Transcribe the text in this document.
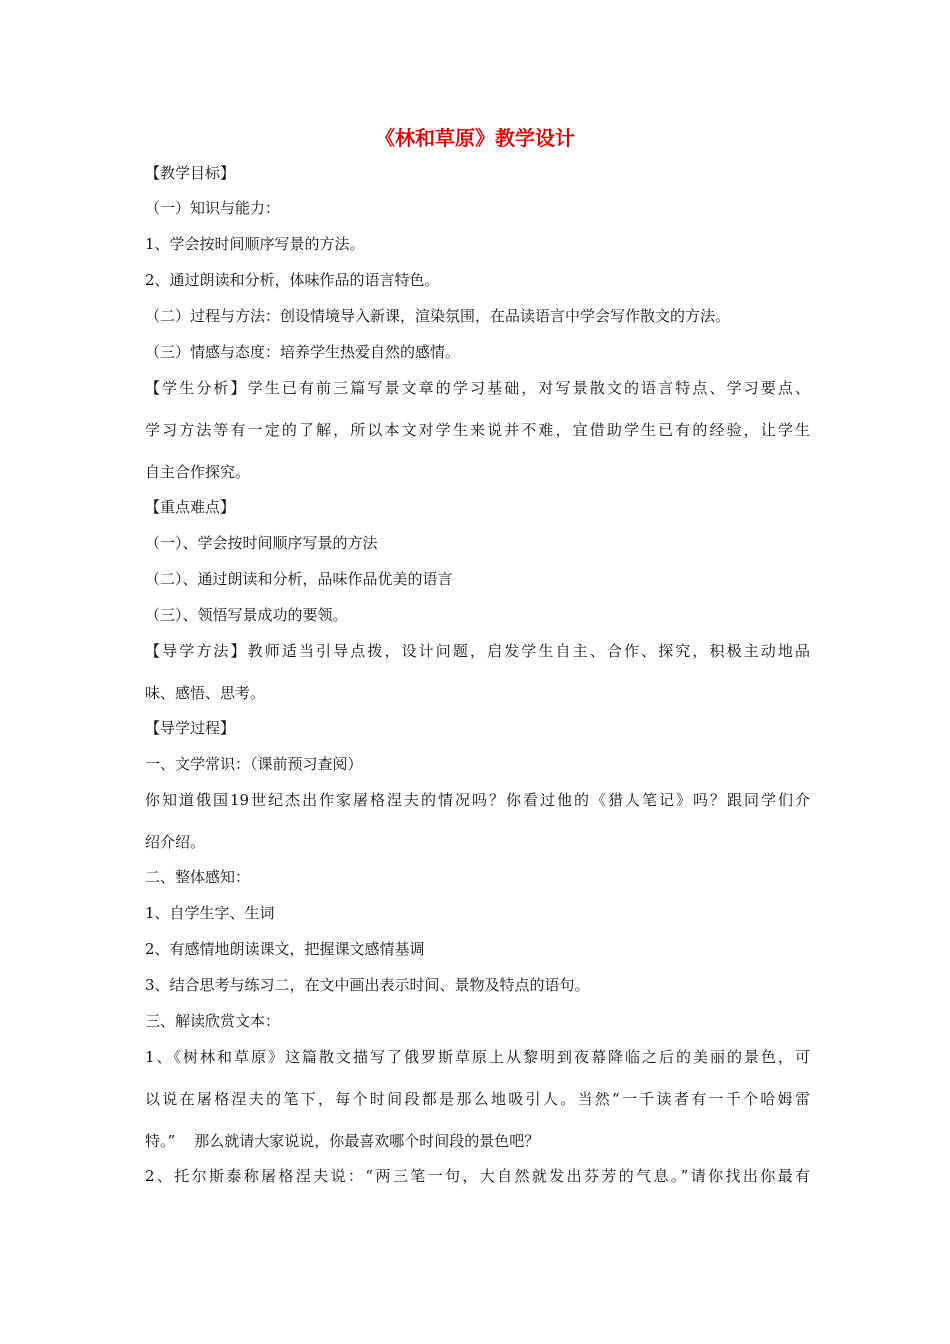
《林和草原》教学设计
【教学目标】
（一）知识与能力：
1、学会按时间顺序写景的方法。
2、通过朗读和分析，体味作品的语言特色。
（二）过程与方法：创设情境导入新课，渲染氛围，在品读语言中学会写作散文的方法。
（三）情感与态度：培养学生热爱自然的感情。
【学生分析】学生已有前三篇写景文章的学习基础，对写景散文的语言特点、学习要点、
学习方法等有一定的了解，所以本文对学生来说并不难，宜借助学生已有的经验，让学生
自主合作探究。
【重点难点】
（一）、学会按时间顺序写景的方法
（二）、通过朗读和分析，品味作品优美的语言
（三）、领悟写景成功的要领。
【导学方法】教师适当引导点拨，设计问题，启发学生自主、合作、探究，积极主动地品
味、感悟、思考。
【导学过程】
一、文学常识：（课前预习查阅）
你知道俄国19世纪杰出作家屠格涅夫的情况吗？你看过他的《猎人笔记》吗？跟同学们介
绍介绍。
二、整体感知：
1、自学生字、生词
2、有感情地朗读课文，把握课文感情基调
3、结合思考与练习二，在文中画出表示时间、景物及特点的语句。
三、解读欣赏文本：
1、《树林和草原》这篇散文描写了俄罗斯草原上从黎明到夜幕降临之后的美丽的景色，可
以说在屠格涅夫的笔下，每个时间段都是那么地吸引人。当然“一千读者有一千个哈姆雷
特。”    那么就请大家说说，你最喜欢哪个时间段的景色吧？
2、托尔斯泰称屠格涅夫说：“两三笔一句，大自然就发出芬芳的气息。”请你找出你最有
